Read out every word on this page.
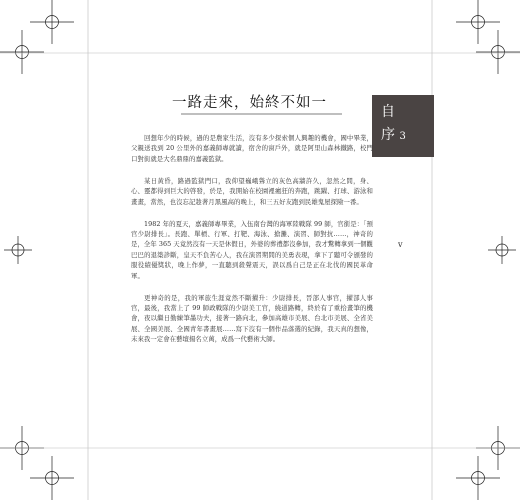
一路走來，始終不如一
自
序 3
v

回想年少的時候，過的是農家生活，沒有多少探索個人興趣的機會，國中畢業，父親送我到 20 公里外的嘉義師專就讀，宿舍的窗戶外，就是阿里山森林鐵路，校門口對街就是大名鼎鼎的嘉義監獄。

某日黃昏，路過監獄門口，我仰望巍峨聳立的灰色高牆許久，忽然之間，身、心、靈都得到巨大的啓發，於是，我開始在校園裡瘋狂的奔跑，跳躍、打球、游泳和畫畫，當然，也沒忘記趁著月黑風高的晚上，和三五好友跑到民雄鬼屋探險一番。

1982 年的夏天，嘉義師專畢業，入伍南台灣的海軍陸戰隊 99 師，官銜是：「預官少尉排長」。長跑、單槓、行軍、打靶、海泳、搶灘、演習、師對抗……，神奇的是，全年 365 天竟然沒有一天是休假日，外婆的葬禮都沒參加，我才驚轉拿到一個觀巴巴的退築診斷，皇天不負苦心人，我在演習期間的美勇表現，拿下了聽可令頒發的服役績優獎狀，晚上作夢，一直聽到殺聲震天，誤以爲自己是正在北伐的國民革命軍。

更神奇的是，我的軍旅生涯竟然不斷擢升：少尉排長，晉部人事官，擢部人事官，最後，我當上了 99 師政戰隊的少尉美工官，繞道路轉，終於有了重拾畫筆的機會，夜以繼日勤練筆墨功夫，接著一路向北，參加高雄市美展、台北市美展、全省美展、全國美展、全國青年書畫展……寫下沒有一個作品落選的紀錄，我天真的想像，未來我一定會在藝壇揚名立萬，成爲一代藝術大師。
